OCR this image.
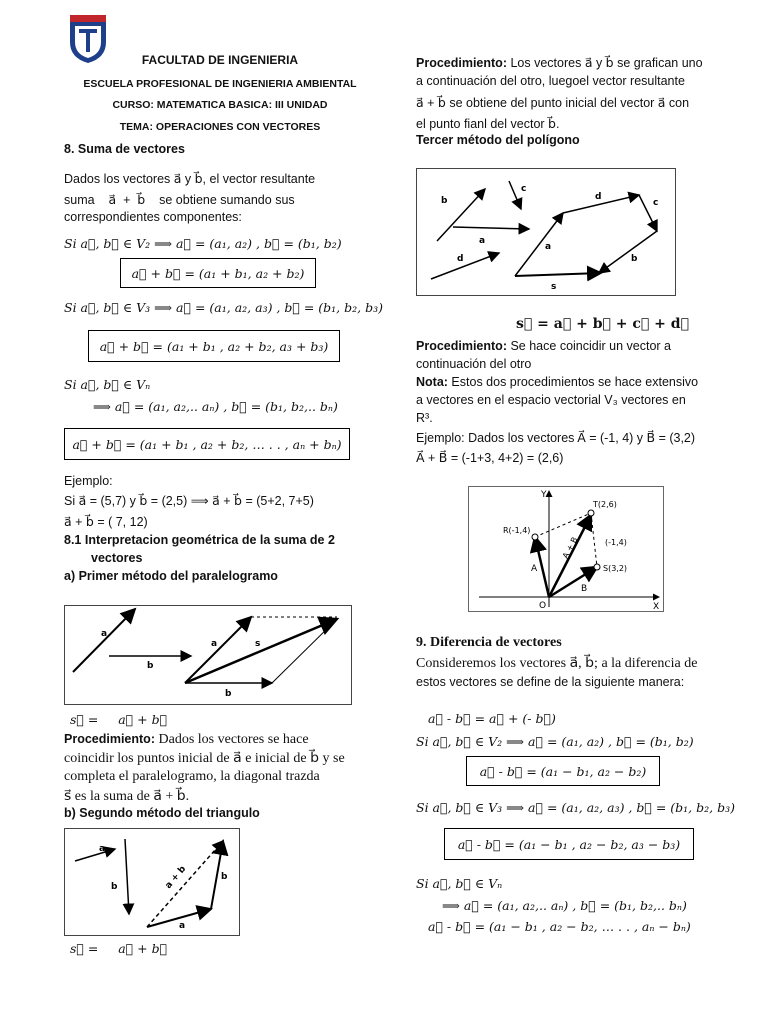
FACULTAD DE INGENIERIA
ESCUELA PROFESIONAL DE INGENIERIA AMBIENTAL
CURSO: MATEMATICA BASICA: III UNIDAD
TEMA: OPERACIONES CON VECTORES
8. Suma de vectores
Dados los vectores a⃗ y b⃗, el vector resultante
suma    a⃗  +  b⃗    se obtiene sumando sus
correspondientes componentes:
Si a⃗, b⃗ ∈ V₂ ⟹ a⃗ = (a₁, a₂) , b⃗ = (b₁, b₂)
a⃗ + b⃗ = (a₁ + b₁, a₂ + b₂)
Si a⃗, b⃗ ∈ V₃ ⟹ a⃗ = (a₁, a₂, a₃) , b⃗ = (b₁, b₂, b₃)
a⃗ + b⃗ = (a₁ + b₁ , a₂ + b₂, a₃ + b₃)
Si a⃗, b⃗ ∈ Vₙ
⟹ a⃗ = (a₁, a₂,.. aₙ) , b⃗ = (b₁, b₂,.. bₙ)
a⃗ + b⃗ = (a₁ + b₁ , a₂ + b₂, … . . , aₙ + bₙ)
Ejemplo:
Si a⃗ = (5,7) y b⃗ = (2,5) ⟹ a⃗ + b⃗ = (5+2, 7+5)
a⃗ + b⃗ = ( 7, 12)
8.1 Interpretacion geométrica de la suma de 2
vectores
a) Primer método del paralelogramo
a
b
a
b
s
s⃗ =     a⃗ + b⃗
Procedimiento: Dados los vectores se hace
coincidir los puntos inicial de a⃗ e inicial de b⃗ y se
completa el paralelogramo, la diagonal trazda
s⃗ es la suma de a⃗ + b⃗.
b) Segundo método del triangulo
a
b
a
b
a + b
s⃗ =     a⃗ + b⃗
Procedimiento: Los vectores a⃗ y b⃗ se grafican uno
a continuación del otro, luegoel vector resultante
a⃗ + b⃗ se obtiene del punto inicial del vector a⃗ con
el punto fianl del vector b⃗.
Tercer método del polígono
b
c
a
d
a
d
c
b
s
s⃗ = a⃗ + b⃗ + c⃗ + d⃗
Procedimiento: Se hace coincidir un vector a
continuación del otro
Nota: Estos dos procedimientos se hace extensivo
a vectores en el espacio vectorial V₃ vectores en
R³.
Ejemplo: Dados los vectores A⃗ = (-1, 4) y B⃗ = (3,2)
A⃗ + B⃗ = (-1+3, 4+2) = (2,6)
Y
X
O
R(-1,4)
T(2,6)
S(3,2)
(-1,4)
A
B
A + B
9. Diferencia de vectores
Consideremos los vectores a⃗, b⃗; a la diferencia de
estos vectores se define de la siguiente manera:
a⃗ - b⃗ = a⃗ + (- b⃗)
Si a⃗, b⃗ ∈ V₂ ⟹ a⃗ = (a₁, a₂) , b⃗ = (b₁, b₂)
a⃗ - b⃗ = (a₁ − b₁, a₂ − b₂)
Si a⃗, b⃗ ∈ V₃ ⟹ a⃗ = (a₁, a₂, a₃) , b⃗ = (b₁, b₂, b₃)
a⃗ - b⃗ = (a₁ − b₁ , a₂ − b₂, a₃ − b₃)
Si a⃗, b⃗ ∈ Vₙ
⟹ a⃗ = (a₁, a₂,.. aₙ) , b⃗ = (b₁, b₂,.. bₙ)
a⃗ - b⃗ = (a₁ − b₁ , a₂ − b₂, … . . , aₙ − bₙ)
